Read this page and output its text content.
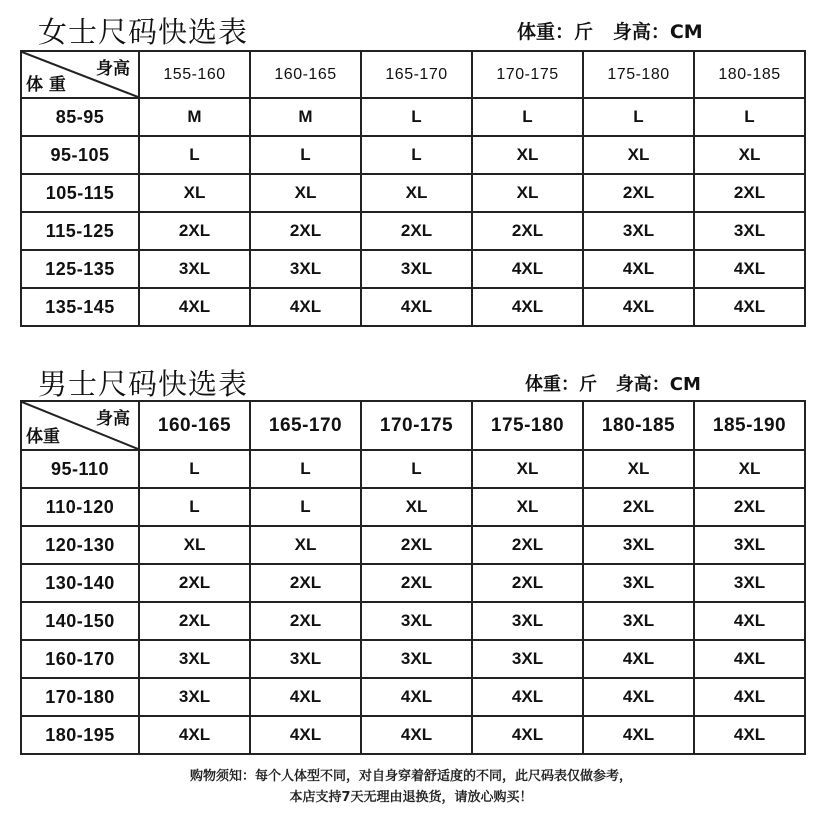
女士尺码快选表	体重：斤   身高：CM
身高
体 重	155-160	160-165	165-170	170-175	175-180	180-185
85-95	M	M	L	L	L	L
95-105	L	L	L	XL	XL	XL
105-115	XL	XL	XL	XL	2XL	2XL
115-125	2XL	2XL	2XL	2XL	3XL	3XL
125-135	3XL	3XL	3XL	4XL	4XL	4XL
135-145	4XL	4XL	4XL	4XL	4XL	4XL
男士尺码快选表	体重：斤   身高：CM
身高
体重	160-165	165-170	170-175	175-180	180-185	185-190
95-110	L	L	L	XL	XL	XL
110-120	L	L	XL	XL	2XL	2XL
120-130	XL	XL	2XL	2XL	3XL	3XL
130-140	2XL	2XL	2XL	2XL	3XL	3XL
140-150	2XL	2XL	3XL	3XL	3XL	4XL
160-170	3XL	3XL	3XL	3XL	4XL	4XL
170-180	3XL	4XL	4XL	4XL	4XL	4XL
180-195	4XL	4XL	4XL	4XL	4XL	4XL
购物须知：每个人体型不同，对自身穿着舒适度的不同，此尺码表仅做参考，
本店支持7天无理由退换货，请放心购买！
